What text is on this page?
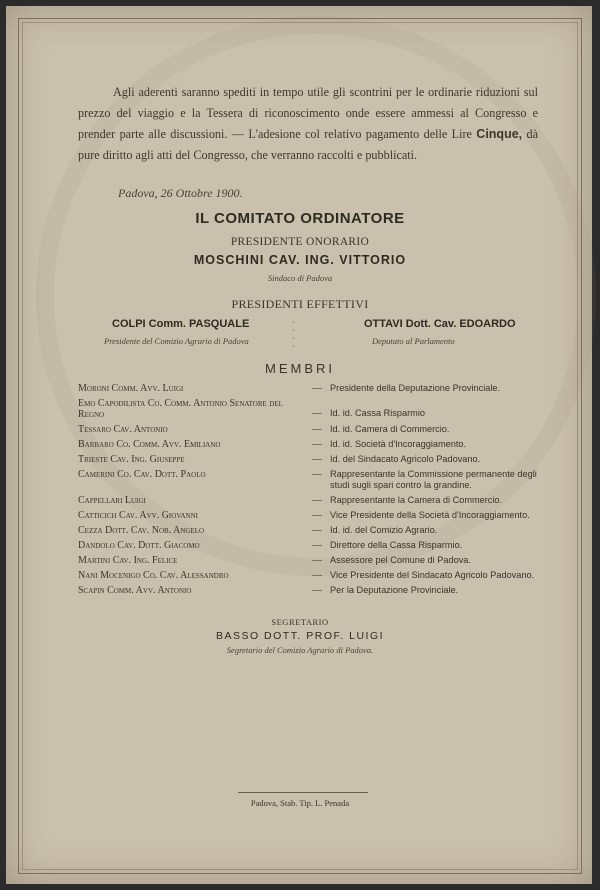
Agli aderenti saranno spediti in tempo utile gli scontrini per le ordinarie riduzioni sul prezzo del viaggio e la Tessera di riconoscimento onde essere ammessi al Congresso e prender parte alle discussioni. — L'adesione col relativo pagamento delle Lire Cinque, dà pure diritto agli atti del Congresso, che verranno raccolti e pubblicati.

Padova, 26 Ottobre 1900.
IL COMITATO ORDINATORE
PRESIDENTE ONORARIO
MOSCHINI CAV. ING. VITTORIO
Sindaco di Padova
PRESIDENTI EFFETTIVI
COLPI Comm. PASQUALE
Presidente del Comizio Agrario di Padova
·
·
·
·
OTTAVI Dott. Cav. EDOARDO
Deputato al Parlamento
MEMBRI
Moroni Comm. Avv. Luigi	— Presidente della Deputazione Provinciale.
Emo Capodilista Co. Comm. Antonio Senatore del Regno	— Id. id. Cassa Risparmio
Tessaro Cav. Antonio	— Id. id. Camera di Commercio.
Barbaro Co. Comm. Avv. Emiliano	— Id. id. Società d'Incoraggiamento.
Trieste Cav. Ing. Giuseppe	— Id. del Sindacato Agricolo Padovano.
Camerini Co. Cav. Dott. Paolo	— Rappresentante la Commissione permanente degli studi sugli spari contro la grandine.
Cappellari Luigi	— Rappresentante la Camera di Commercio.
Catticich Cav. Avv. Giovanni	— Vice Presidente della Società d'Incoraggiamento.
Cezza Dott. Cav. Nob. Angelo	— Id. id. del Comizio Agrario.
Dandolo Cav. Dott. Giacomo	— Direttore della Cassa Risparmio.
Martini Cav. Ing. Felice	— Assessore pel Comune di Padova.
Nani Mocenigo Co. Cav. Alessandro	— Vice Presidente del Sindacato Agricolo Padovano.
Scapin Comm. Avv. Antonio	— Per la Deputazione Provinciale.
SEGRETARIO
BASSO DOTT. PROF. LUIGI
Segretario del Comizio Agrario di Padova.
Padova, Stab. Tip. L. Penada
